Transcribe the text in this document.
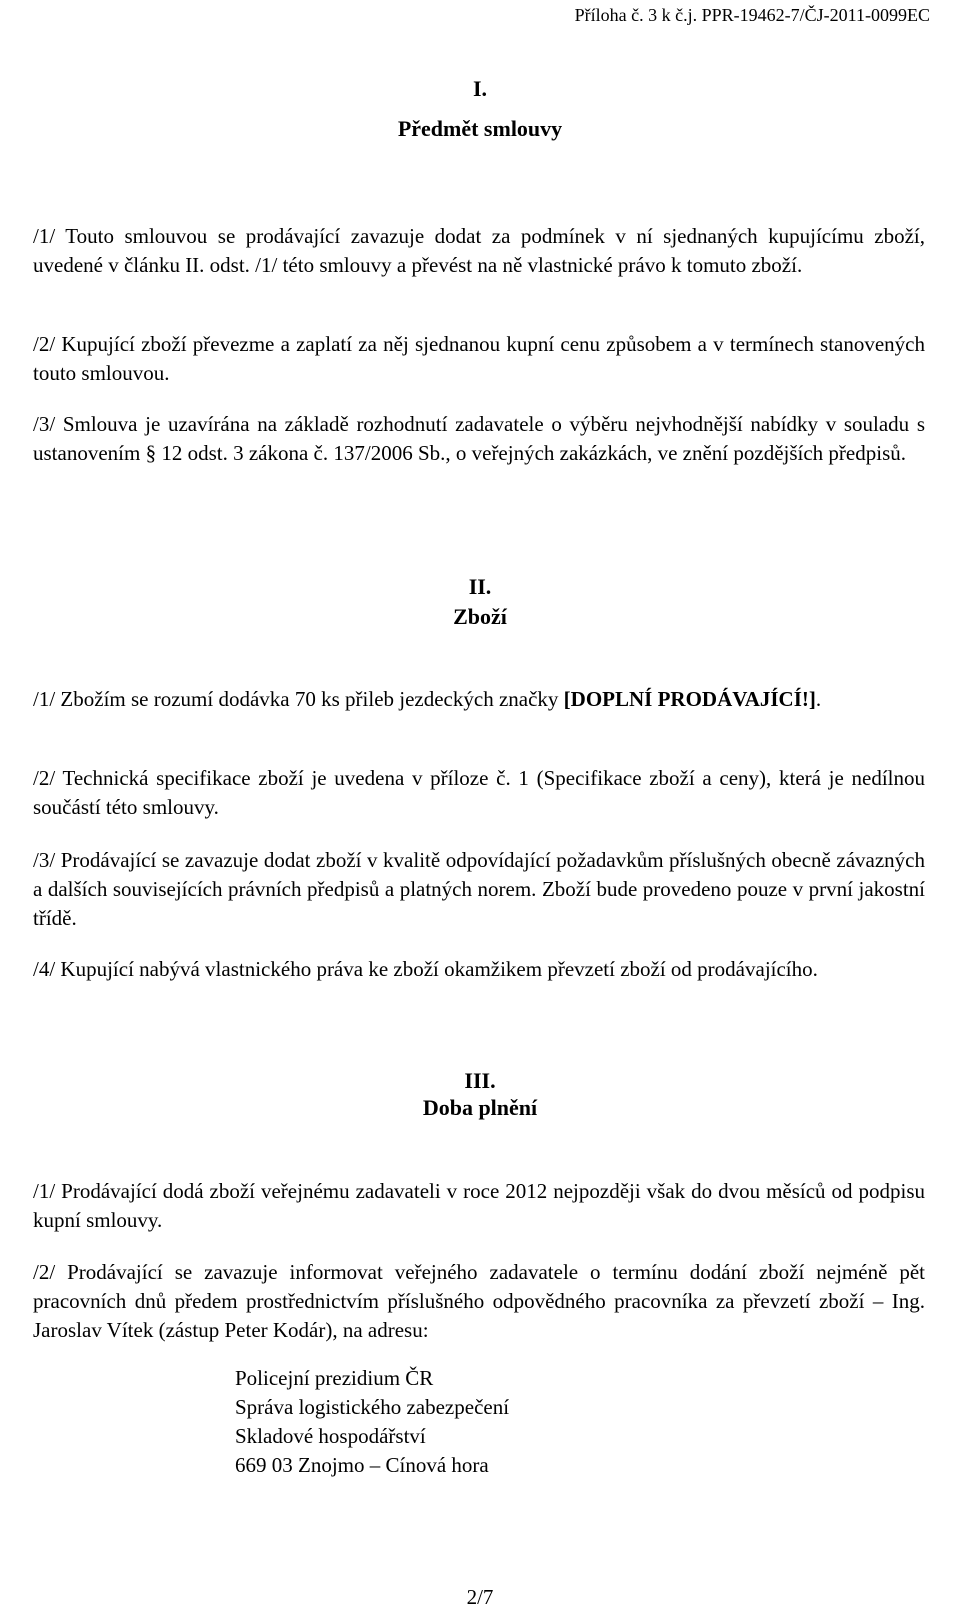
Příloha č. 3 k č.j. PPR-19462-7/ČJ-2011-0099EC
I.
Předmět smlouvy
/1/ Touto smlouvou se prodávající zavazuje dodat za podmínek v ní sjednaných kupujícímu zboží, uvedené v článku II. odst. /1/ této smlouvy a převést na ně vlastnické právo k tomuto zboží.
/2/ Kupující zboží převezme a zaplatí za něj sjednanou kupní cenu způsobem a v termínech stanovených touto smlouvou.
/3/ Smlouva je uzavírána na základě rozhodnutí zadavatele o výběru nejvhodnější nabídky v souladu s ustanovením § 12 odst. 3 zákona č. 137/2006 Sb., o veřejných zakázkách, ve znění pozdějších předpisů.
II.
Zboží
/1/ Zbožím se rozumí dodávka 70 ks přileb jezdeckých značky [DOPLNÍ PRODÁVAJÍCÍ!].
/2/ Technická specifikace zboží je uvedena v příloze č. 1 (Specifikace zboží a ceny), která je nedílnou součástí této smlouvy.
/3/ Prodávající se zavazuje dodat zboží v kvalitě odpovídající požadavkům příslušných obecně závazných a dalších souvisejících právních předpisů a platných norem. Zboží bude provedeno pouze v první jakostní třídě.
/4/ Kupující nabývá vlastnického práva ke zboží okamžikem převzetí zboží od prodávajícího.
III.
Doba plnění
/1/ Prodávající dodá zboží veřejnému zadavateli v roce 2012 nejpozději však do dvou měsíců od podpisu kupní smlouvy.
/2/ Prodávající se zavazuje informovat veřejného zadavatele o termínu dodání zboží nejméně pět pracovních dnů předem prostřednictvím příslušného odpovědného pracovníka za převzetí zboží – Ing. Jaroslav Vítek (zástup Peter Kodár), na adresu:
Policejní prezidium ČR
Správa logistického zabezpečení
Skladové hospodářství
669 03 Znojmo – Cínová hora
2/7
